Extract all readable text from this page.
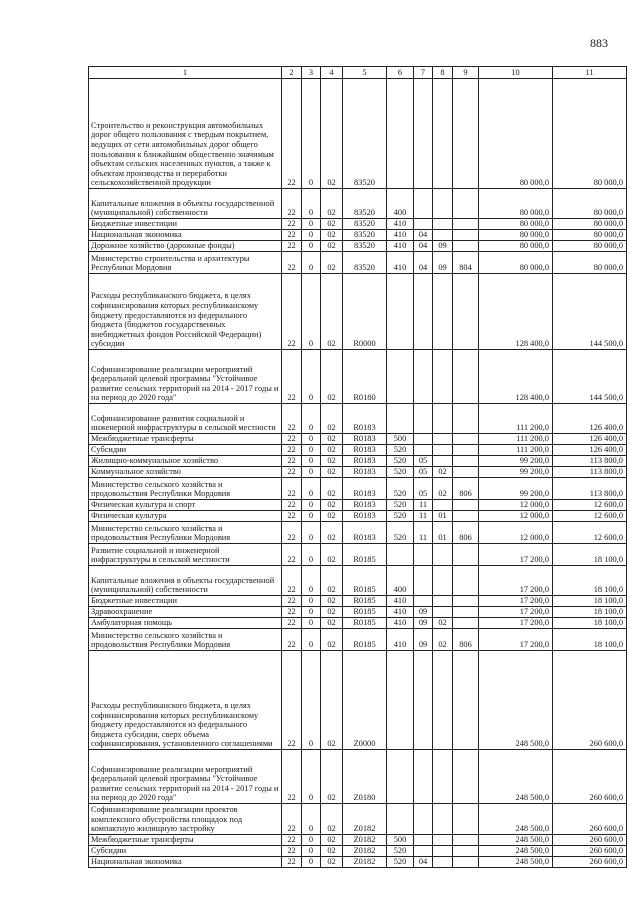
883
1	2	3	4	5	6	7	8	9	10	11
Строительство и реконструкция автомобильных дорог общего пользования с твердым покрытием, ведущих от сети автомобильных дорог общего пользования к ближайшим общественно значимым объектам сельских населенных пунктов, а также к объектам производства и переработки сельскохозяйственной продукции	22	0	02	83520					80 000,0	80 000,0
Капитальные вложения в объекты государственной (муниципальной) собственности	22	0	02	83520	400				80 000,0	80 000,0
Бюджетные инвестиции	22	0	02	83520	410				80 000,0	80 000,0
Национальная экономика	22	0	02	83520	410	04			80 000,0	80 000,0
Дорожное хозяйство (дорожные фонды)	22	0	02	83520	410	04	09		80 000,0	80 000,0
Министерство строительства и архитектуры Республики Мордовия	22	0	02	83520	410	04	09	804	80 000,0	80 000,0
Расходы республиканского бюджета, в целях софинансирования которых республиканскому бюджету предоставляются из федерального бюджета (бюджетов государственных внебюджетных фондов Российской Федерации) субсидии	22	0	02	R0000					128 400,0	144 500,0
Софинансирование реализации мероприятий федеральной целевой программы "Устойчивое развитие сельских территорий на 2014 - 2017 годы и на период до 2020 года"	22	0	02	R0180					128 400,0	144 500,0
Софинансирование развития социальной и инженерной инфраструктуры в сельской местности	22	0	02	R0183					111 200,0	126 400,0
Межбюджетные трансферты	22	0	02	R0183	500				111 200,0	126 400,0
Субсидии	22	0	02	R0183	520				111 200,0	126 400,0
Жилищно-коммунальное хозяйство	22	0	02	R0183	520	05			99 200,0	113 800,0
Коммунальное хозяйство	22	0	02	R0183	520	05	02		99 200,0	113 800,0
Министерство сельского хозяйства и продовольствия Республики Мордовия	22	0	02	R0183	520	05	02	806	99 200,0	113 800,0
Физическая культура и спорт	22	0	02	R0183	520	11			12 000,0	12 600,0
Физическая культура	22	0	02	R0183	520	11	01		12 000,0	12 600,0
Министерство сельского хозяйства и продовольствия Республики Мордовия	22	0	02	R0183	520	11	01	806	12 000,0	12 600,0
Развитие социальной и инженерной инфраструктуры в сельской местности	22	0	02	R0185					17 200,0	18 100,0
Капитальные вложения в объекты государственной (муниципальной) собственности	22	0	02	R0185	400				17 200,0	18 100,0
Бюджетные инвестиции	22	0	02	R0185	410				17 200,0	18 100,0
Здравоохранение	22	0	02	R0185	410	09			17 200,0	18 100,0
Амбулаторная помощь	22	0	02	R0185	410	09	02		17 200,0	18 100,0
Министерство сельского хозяйства и продовольствия Республики Мордовия	22	0	02	R0185	410	09	02	806	17 200,0	18 100,0
Расходы республиканского бюджета, в целях софинансирования которых республиканскому бюджету предоставляются из федерального бюджета субсидии, сверх объема софинансирования, установленного соглашениями	22	0	02	Z0000					248 500,0	260 600,0
Софинансирование реализации мероприятий федеральной целевой программы "Устойчивое развитие сельских территорий на 2014 - 2017 годы и на период до 2020 года"	22	0	02	Z0180					248 500,0	260 600,0
Софинансирование реализации проектов комплексного обустройства площадок под компактную жилищную застройку	22	0	02	Z0182					248 500,0	260 600,0
Межбюджетные трансферты	22	0	02	Z0182	500				248 500,0	260 600,0
Субсидии	22	0	02	Z0182	520				248 500,0	260 600,0
Национальная экономика	22	0	02	Z0182	520	04			248 500,0	260 600,0
